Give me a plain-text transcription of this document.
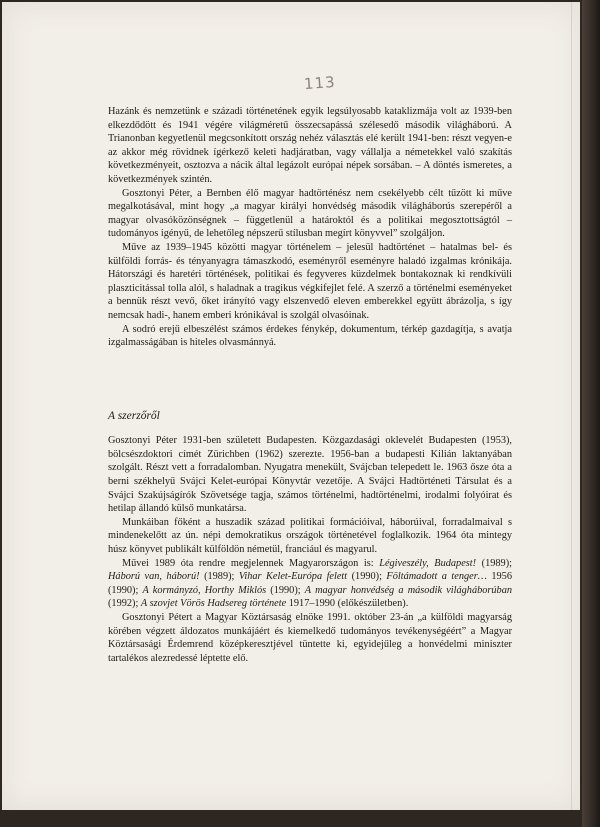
113

Hazánk és nemzetünk e századi történetének egyik legsúlyosabb kataklizmája volt az 1939-ben elkezdődött és 1941 végére világméretű összecsapássá szélesedő második világháború. A Trianonban kegyetlenül megcsonkított ország nehéz választás elé került 1941-ben: részt vegyen-e az akkor még rövidnek ígérkező keleti hadjáratban, vagy vállalja a németekkel való szakítás következményeit, osztozva a nácik által legázolt európai népek sorsában. – A döntés ismeretes, a következmények szintén.

Gosztonyi Péter, a Bernben élő magyar hadtörténész nem csekélyebb célt tűzött ki műve megalkotásával, mint hogy „a magyar királyi honvédség második világháborús szerepéről a magyar olvasóközönségnek – függetlenül a határoktól és a politikai megosztottságtól – tudományos igényű, de lehetőleg népszerű stílusban megírt könyvvel” szolgáljon.

Műve az 1939–1945 közötti magyar történelem – jelesül hadtörténet – hatalmas bel- és külföldi forrás- és tényanyagra támaszkodó, eseményről eseményre haladó izgalmas krónikája. Hátországi és haretéri történések, politikai és fegyveres küzdelmek bontakoznak ki rendkívüli plaszticitással tolla alól, s haladnak a tragikus végkifejlet felé. A szerző a történelmi eseményeket a bennük részt vevő, őket irányító vagy elszenvedő eleven emberekkel együtt ábrázolja, s így nemcsak hadi-, hanem emberi krónikával is szolgál olvasóinak.

A sodró erejű elbeszélést számos érdekes fénykép, dokumentum, térkép gazdagítja, s avatja izgalmasságában is hiteles olvasmánnyá.

A szerzőről

Gosztonyi Péter 1931-ben született Budapesten. Közgazdasági oklevelét Budapesten (1953), bölcsészdoktori címét Zürichben (1962) szerezte. 1956-ban a budapesti Kilián laktanyában szolgált. Részt vett a forradalomban. Nyugatra menekült, Svájcban telepedett le. 1963 ősze óta a berni székhelyű Svájci Kelet-európai Könyvtár vezetője. A Svájci Hadtörténeti Társulat és a Svájci Szakújságírók Szövetsége tagja, számos történelmi, hadtörténelmi, irodalmi folyóirat és hetilap állandó külső munkatársa.

Munkáiban főként a huszadik század politikai formációival, háborúival, forradalmaival s mindenekelőtt az ún. népi demokratikus országok történetével foglalkozik. 1964 óta mintegy húsz könyvet publikált külföldön németül, franciául és magyarul.

Művei 1989 óta rendre megjelennek Magyarországon is: Légiveszély, Budapest! (1989); Háború van, háború! (1989); Vihar Kelet-Európa felett (1990); Föltámadott a tenger… 1956 (1990); A kormányzó, Horthy Miklós (1990); A magyar honvédség a második világháborúban (1992); A szovjet Vörös Hadsereg története 1917–1990 (előkészületben).

Gosztonyi Pétert a Magyar Köztársaság elnöke 1991. október 23-án „a külföldi magyarság körében végzett áldozatos munkájáért és kiemelkedő tudományos tevékenységéért” a Magyar Köztársasági Érdemrend középkeresztjével tüntette ki, egyidejűleg a honvédelmi miniszter tartalékos alezredessé léptette elő.
